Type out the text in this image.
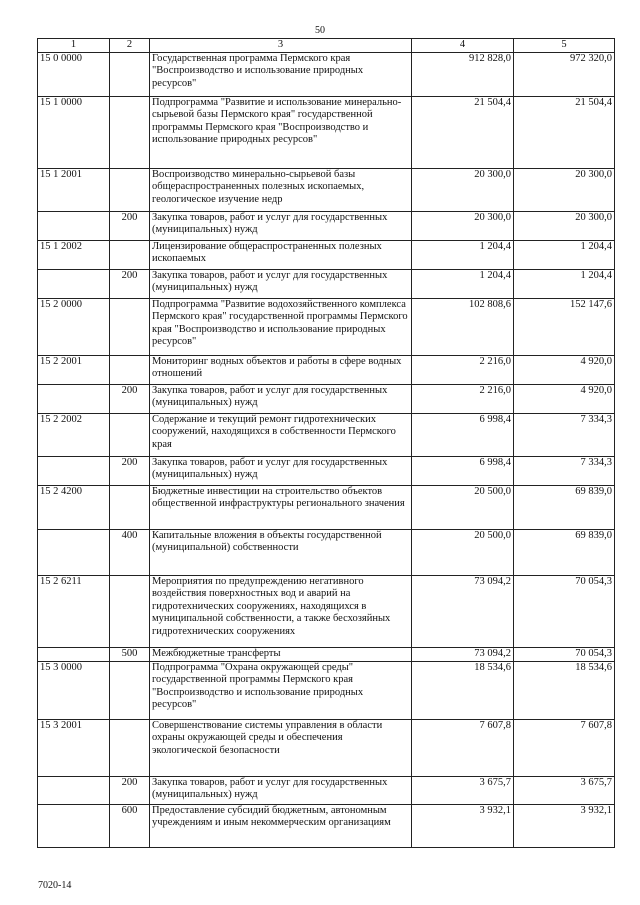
50
1	2	3	4	5
15 0 0000		Государственная программа Пермского края "Воспроизводство и использование природных ресурсов"	912 828,0	972 320,0
15 1 0000		Подпрограмма "Развитие и использование минерально-сырьевой базы Пермского края" государственной программы Пермского края "Воспроизводство и использование природных ресурсов"	21 504,4	21 504,4
15 1 2001		Воспроизводство минерально-сырьевой базы общераспространенных полезных ископаемых, геологическое изучение недр	20 300,0	20 300,0
	200	Закупка товаров, работ и услуг для государственных (муниципальных) нужд	20 300,0	20 300,0
15 1 2002		Лицензирование общераспространенных полезных ископаемых	1 204,4	1 204,4
	200	Закупка товаров, работ и услуг для государственных (муниципальных) нужд	1 204,4	1 204,4
15 2 0000		Подпрограмма "Развитие водохозяйственного комплекса Пермского края" государственной программы Пермского края "Воспроизводство и использование природных ресурсов"	102 808,6	152 147,6
15 2 2001		Мониторинг водных объектов и работы в сфере водных отношений	2 216,0	4 920,0
	200	Закупка товаров, работ и услуг для государственных (муниципальных) нужд	2 216,0	4 920,0
15 2 2002		Содержание и текущий ремонт гидротехнических сооружений, находящихся в собственности Пермского края	6 998,4	7 334,3
	200	Закупка товаров, работ и услуг для государственных (муниципальных) нужд	6 998,4	7 334,3
15 2 4200		Бюджетные инвестиции на строительство объектов общественной инфраструктуры регионального значения	20 500,0	69 839,0
	400	Капитальные вложения в объекты государственной (муниципальной) собственности	20 500,0	69 839,0
15 2 6211		Мероприятия по предупреждению негативного воздействия поверхностных вод и аварий на гидротехнических сооружениях, находящихся в муниципальной собственности, а также бесхозяйных гидротехнических сооружениях	73 094,2	70 054,3
	500	Межбюджетные трансферты	73 094,2	70 054,3
15 3 0000		Подпрограмма "Охрана окружающей среды" государственной программы Пермского края "Воспроизводство и использование природных ресурсов"	18 534,6	18 534,6
15 3 2001		Совершенствование системы управления в области охраны окружающей среды и обеспечения экологической безопасности	7 607,8	7 607,8
	200	Закупка товаров, работ и услуг для государственных (муниципальных) нужд	3 675,7	3 675,7
	600	Предоставление субсидий бюджетным, автономным учреждениям и иным некоммерческим организациям	3 932,1	3 932,1
7020-14
